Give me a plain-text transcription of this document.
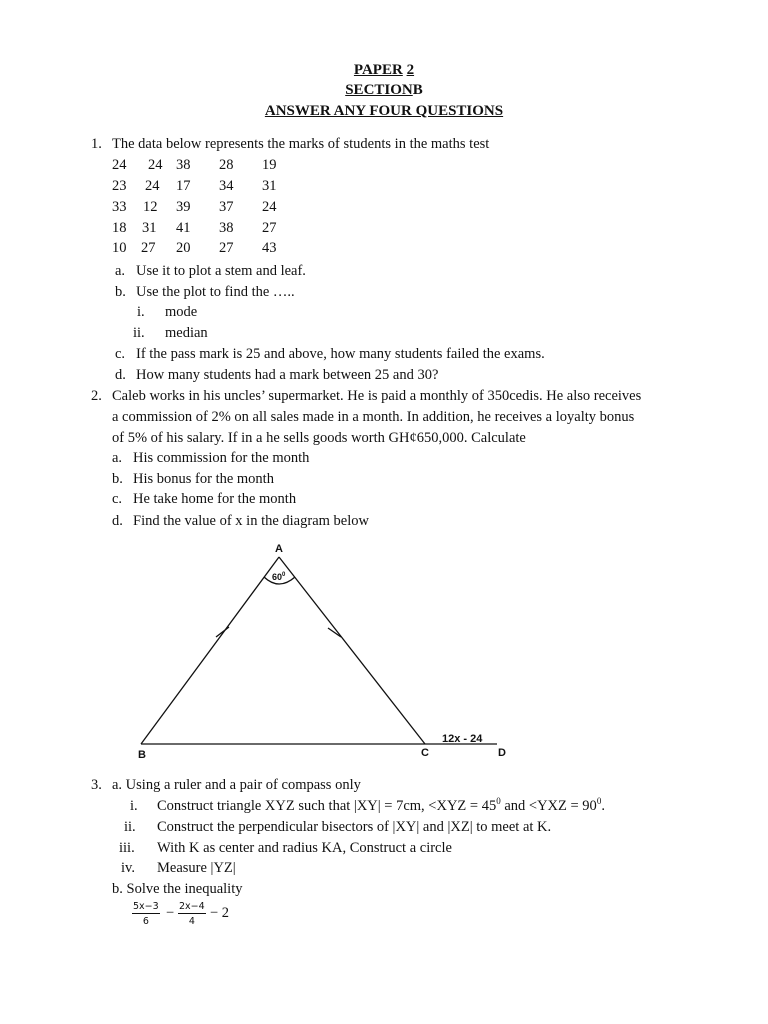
PAPER 2
SECTIONB
ANSWER ANY FOUR QUESTIONS
1. The data below represents the marks of students in the maths test
24 24 38 28 19
23 24 17 34 31
33 12 39 37 24
18 31 41 38 27
10 27 20 27 43
a. Use it to plot a stem and leaf.
b. Use the plot to find the …..
i. mode
ii. median
c. If the pass mark is 25 and above, how many students failed the exams.
d. How many students had a mark between 25 and 30?
2. Caleb works in his uncles’ supermarket. He is paid a monthly of 350cedis. He also receives
a commission of 2% on all sales made in a month. In addition, he receives a loyalty bonus
of 5% of his salary. If in a he sells goods worth GH¢650,000. Calculate
a. His commission for the month
b. His bonus for the month
c. He take home for the month
d. Find the value of x in the diagram below
A
B	C	D
$60^0$
12x - 24
3. a. Using a ruler and a pair of compass only
i. Construct triangle XYZ such that |XY| = 7cm, $<XYZ = 45^0$ and $<YXZ = 90^0$.
ii. Construct the perpendicular bisectors of |XY| and |XZ| to meet at K.
iii. With K as center and radius KA, Construct a circle
iv. Measure |YZ|
b. Solve the inequality
$\frac{5x-3}{6} - \frac{2x-4}{4} - 2$
